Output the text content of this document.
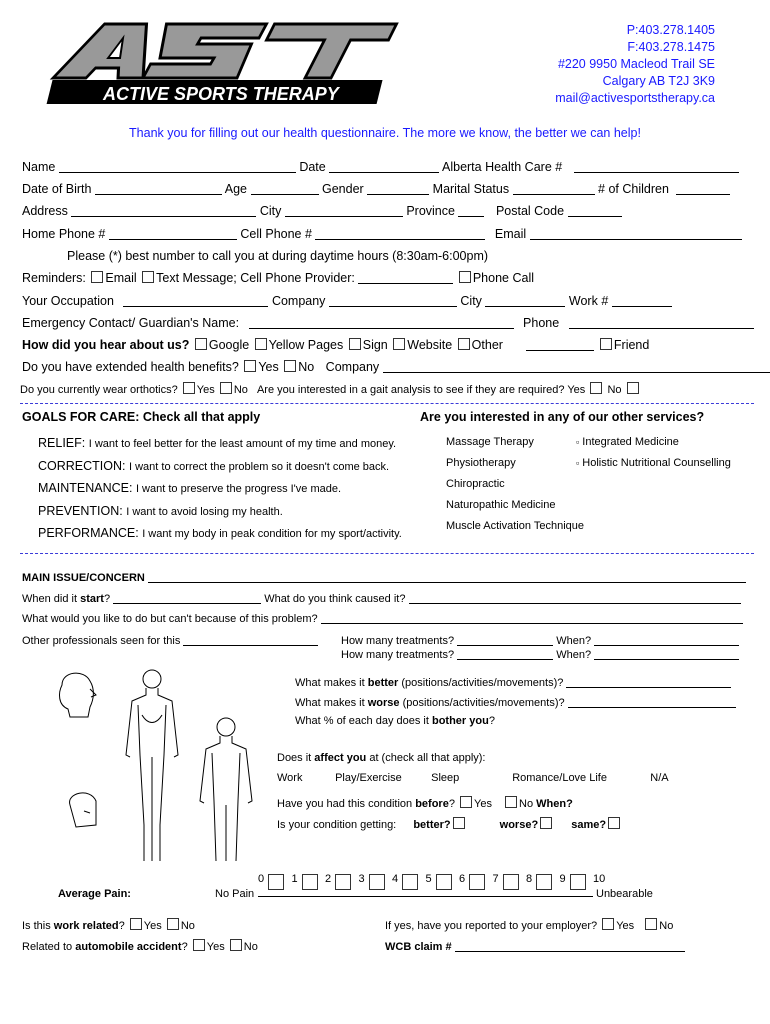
ACTIVE SPORTS THERAPY
P:403.278.1405
F:403.278.1475
#220 9950 Macleod Trail SE
Calgary AB T2J 3K9
mail@activesportstherapy.ca
Thank you for filling out our health questionnaire. The more we know, the better we can help!
Name	Date	Alberta Health Care #
Date of Birth	Age	Gender	Marital Status	# of Children
Address	City	Province	Postal Code
Home Phone #	Cell Phone #	Email
Please (*) best number to call you at during daytime hours (8:30am-6:00pm)
Reminders: Email Text Message; Cell Phone Provider:	Phone Call
Your Occupation	Company	City	Work #
Emergency Contact/ Guardian's Name:	Phone
How did you hear about us? Google Yellow Pages Sign Website Other	Friend
Do you have extended health benefits? Yes No Company
Do you currently wear orthotics? Yes No Are you interested in a gait analysis to see if they are required? Yes No
GOALS FOR CARE: Check all that apply	Are you interested in any of our other services?
RELIEF: I want to feel better for the least amount of my time and money.
CORRECTION: I want to correct the problem so it doesn't come back.
MAINTENANCE: I want to preserve the progress I've made.
PREVENTION: I want to avoid losing my health.
PERFORMANCE: I want my body in peak condition for my sport/activity.
Massage Therapy
Physiotherapy
Chiropractic
Naturopathic Medicine
Muscle Activation Technique
▫ Integrated Medicine
▫ Holistic Nutritional Counselling
MAIN ISSUE/CONCERN
When did it start?	What do you think caused it?
What would you like to do but can't because of this problem?
Other professionals seen for this	How many treatments?	When?
How many treatments?	When?
What makes it better (positions/activities/movements)?
What makes it worse (positions/activities/movements)?
What % of each day does it bother you?
Does it affect you at (check all that apply):
Work	Play/Exercise	Sleep	Romance/Love Life	N/A
Have you had this condition before? Yes No When?
Is your condition getting: better?	worse?	same?
Average Pain:	No Pain
0 1 2 3 4 5 6 7 8 9 10
Unbearable
Is this work related? Yes No
Related to automobile accident? Yes No
If yes, have you reported to your employer? Yes No
WCB claim #
